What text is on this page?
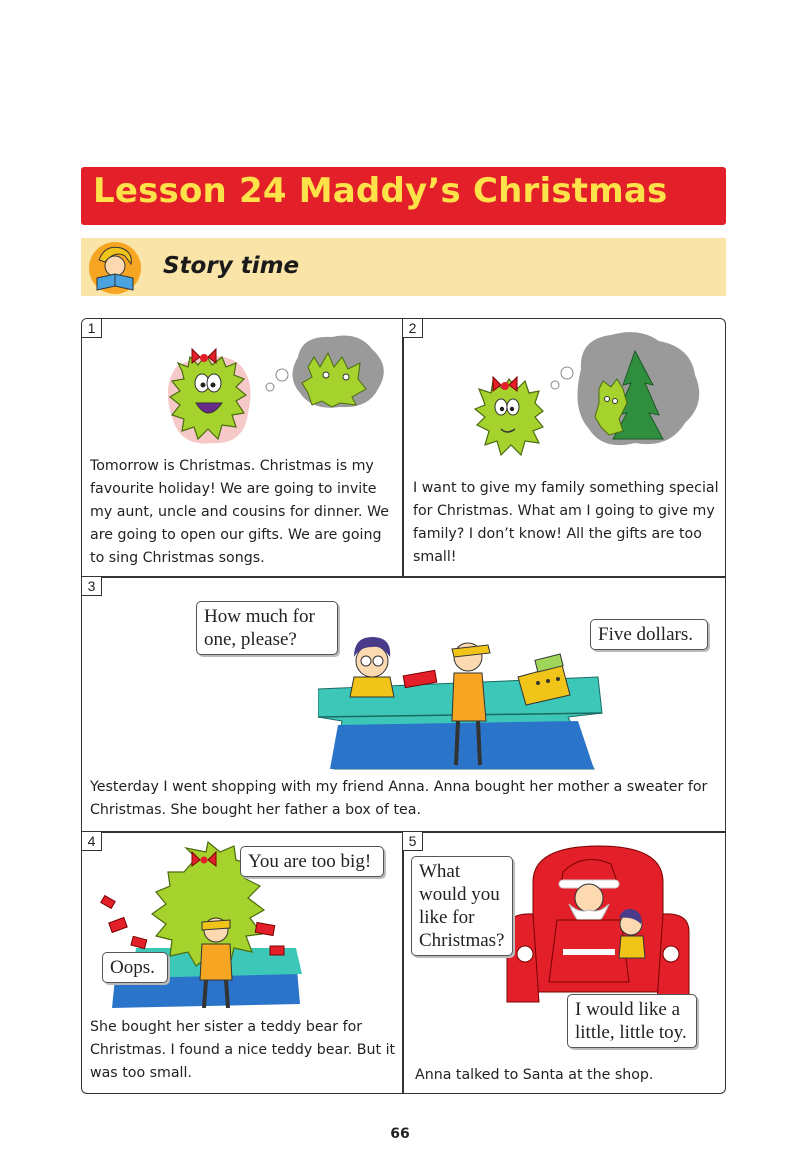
Lesson 24 Maddy’s Christmas
Story time
1
Tomorrow is Christmas. Christmas is my favourite holiday! We are going to invite my aunt, uncle and cousins for dinner. We are going to open our gifts. We are going to sing Christmas songs.
2
I want to give my family something special for Christmas. What am I going to give my family? I don’t know! All the gifts are too small!
3
How much for one, please?	Five dollars.
Yesterday I went shopping with my friend Anna. Anna bought her mother a sweater for Christmas. She bought her father a box of tea.
4
You are too big!
Oops.
She bought her sister a teddy bear for Christmas. I found a nice teddy bear. But it was too small.
5
What would you like for Christmas?
I would like a little, little toy.
Anna talked to Santa at the shop.
66
